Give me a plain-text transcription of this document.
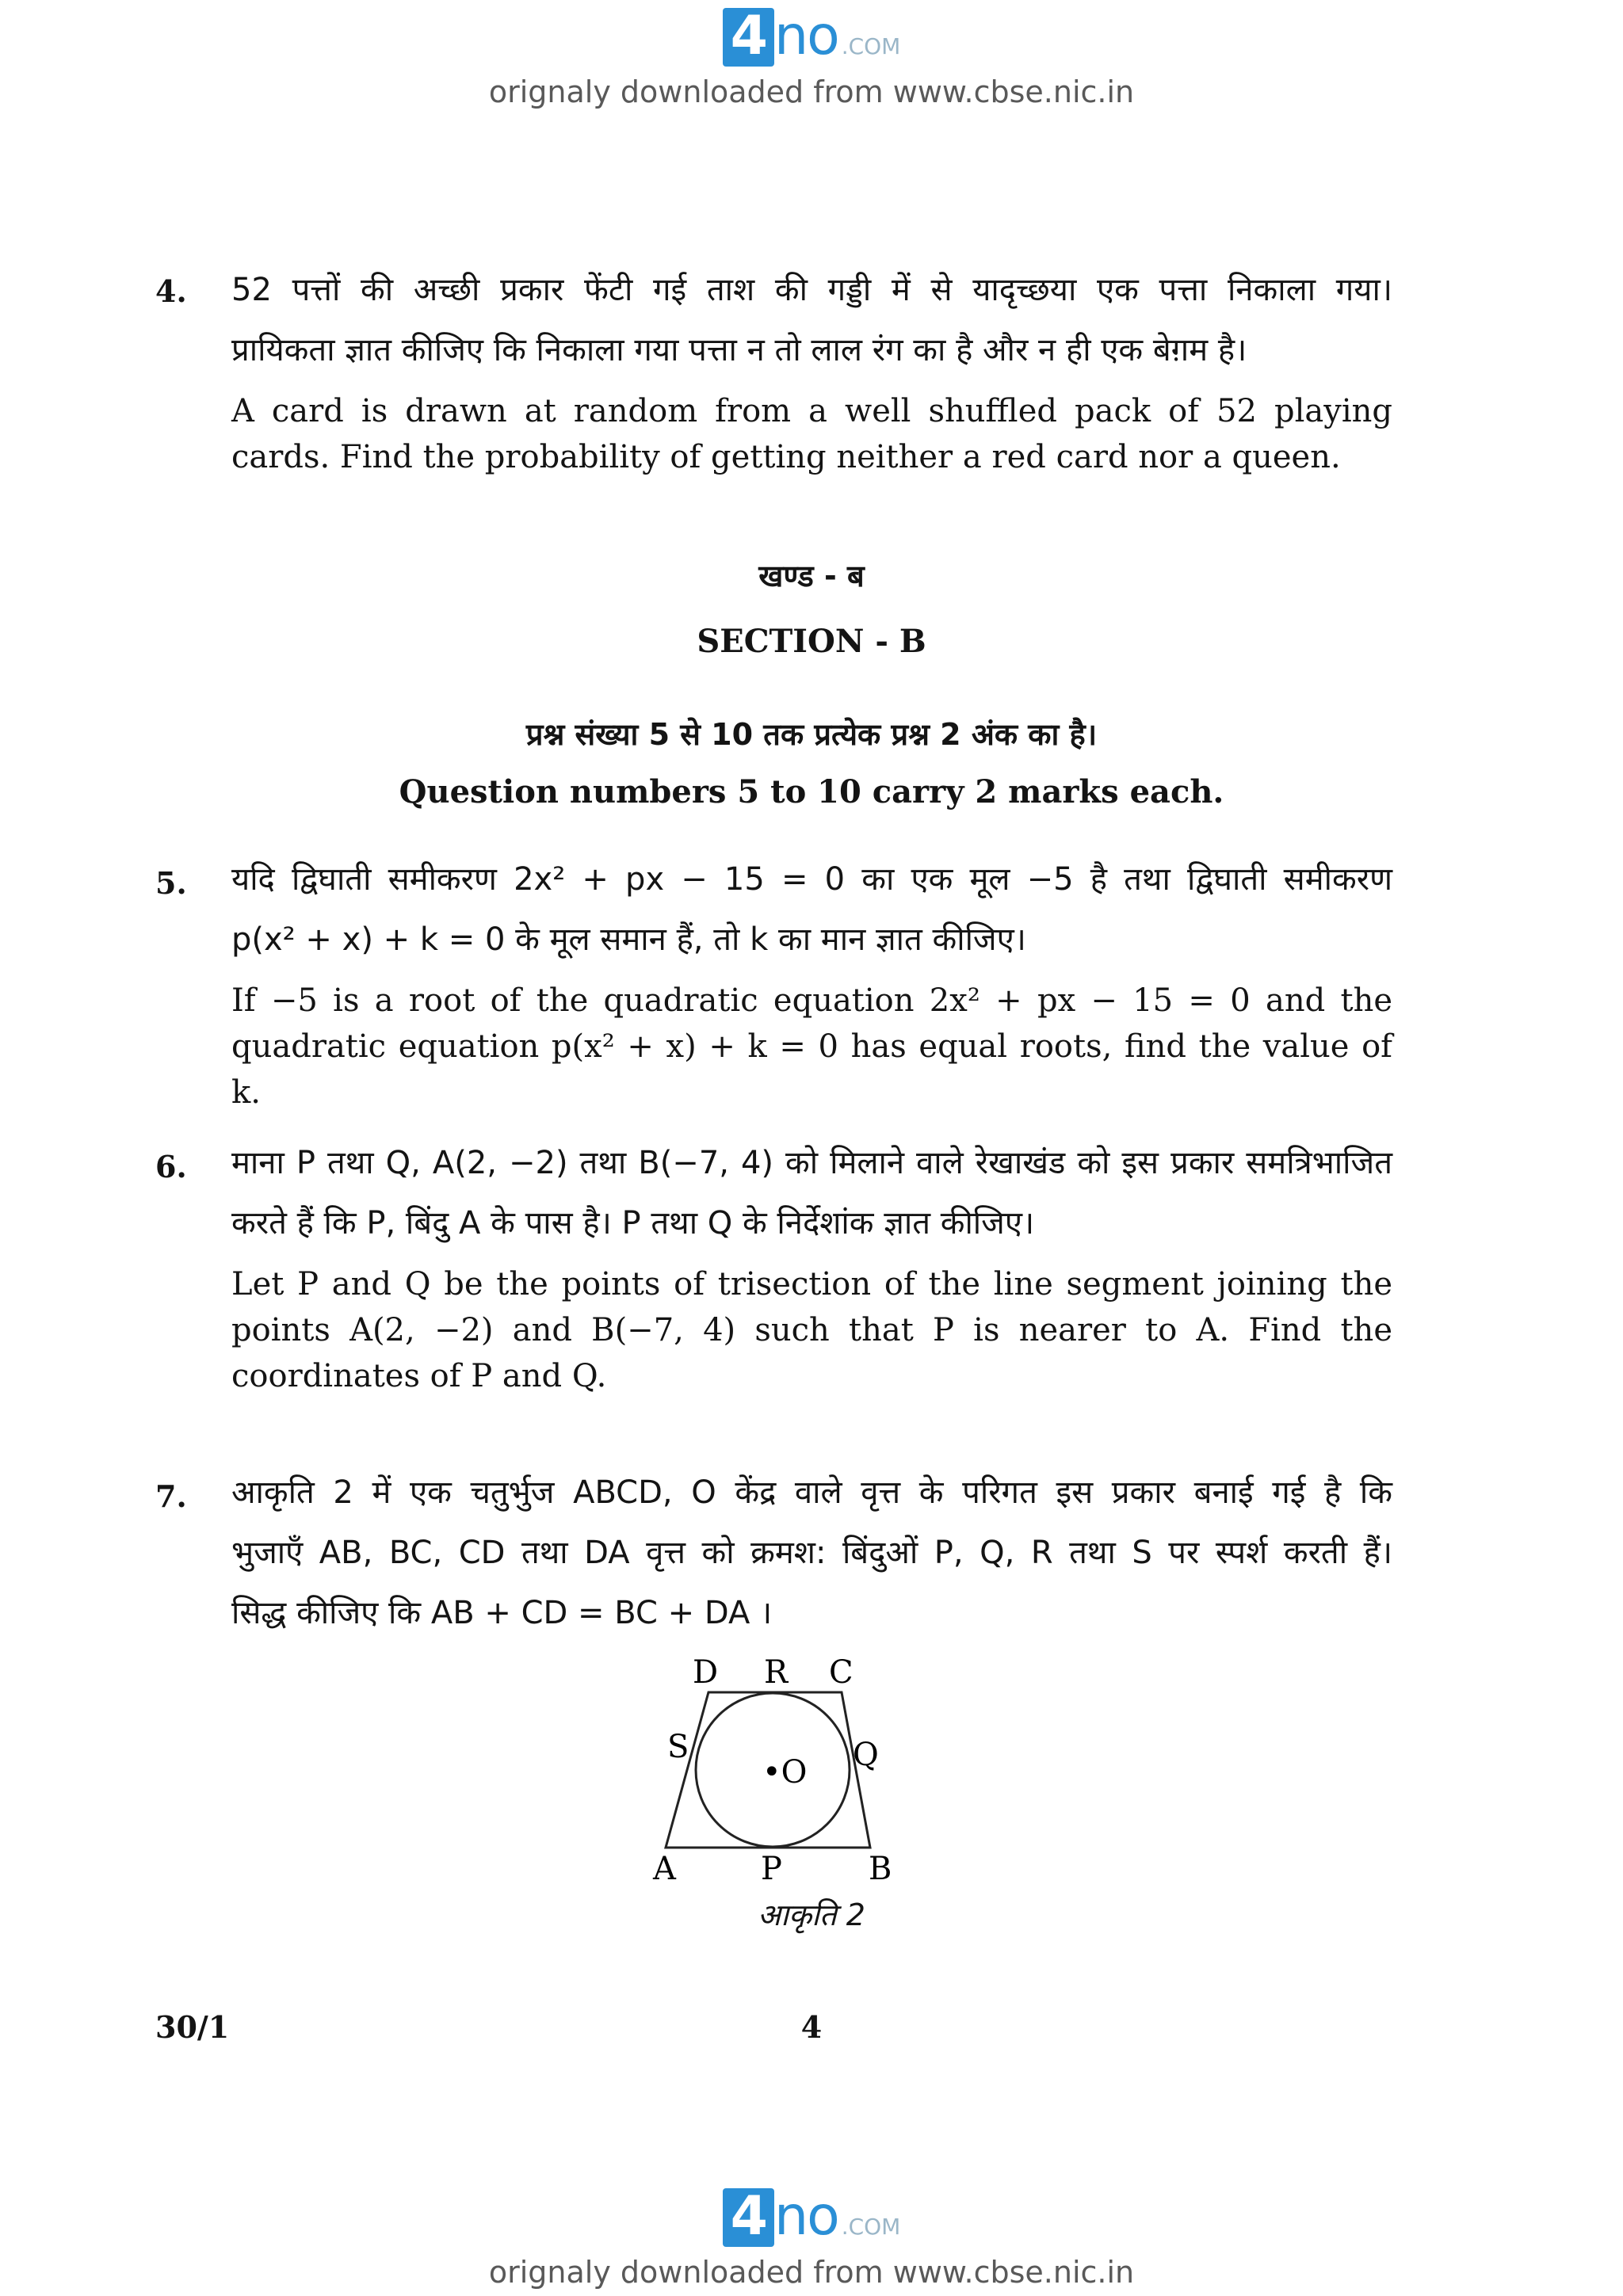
4 no .COM
orignaly downloaded from www.cbse.nic.in
4. 52 पत्तों की अच्छी प्रकार फेंटी गई ताश की गड्डी में से यादृच्छया एक पत्ता निकाला गया।
प्रायिकता ज्ञात कीजिए कि निकाला गया पत्ता न तो लाल रंग का है और न ही एक बेग़म है।
A card is drawn at random from a well shuffled pack of 52 playing cards. Find the probability of getting neither a red card nor a queen.
खण्ड - ब
SECTION - B
प्रश्न संख्या 5 से 10 तक प्रत्येक प्रश्न 2 अंक का है।
Question numbers 5 to 10 carry 2 marks each.
5. यदि द्विघाती समीकरण 2x² + px − 15 = 0 का एक मूल −5 है तथा द्विघाती समीकरण
p(x² + x) + k = 0 के मूल समान हैं, तो k का मान ज्ञात कीजिए।
If −5 is a root of the quadratic equation 2x² + px − 15 = 0 and the quadratic equation p(x² + x) + k = 0 has equal roots, find the value of k.
6. माना P तथा Q, A(2, −2) तथा B(−7, 4) को मिलाने वाले रेखाखंड को इस प्रकार समत्रिभाजित
करते हैं कि P, बिंदु A के पास है। P तथा Q के निर्देशांक ज्ञात कीजिए।
Let P and Q be the points of trisection of the line segment joining the points A(2, −2) and B(−7, 4) such that P is nearer to A. Find the coordinates of P and Q.
7. आकृति 2 में एक चतुर्भुज ABCD, O केंद्र वाले वृत्त के परिगत इस प्रकार बनाई गई है कि
भुजाएँ AB, BC, CD तथा DA वृत्त को क्रमश: बिंदुओं P, Q, R तथा S पर स्पर्श करती हैं।
सिद्ध कीजिए कि AB + CD = BC + DA ।
D R C
S	Q
•O
A	P	B
आकृति 2
30/1	4
4 no .COM
orignaly downloaded from www.cbse.nic.in
